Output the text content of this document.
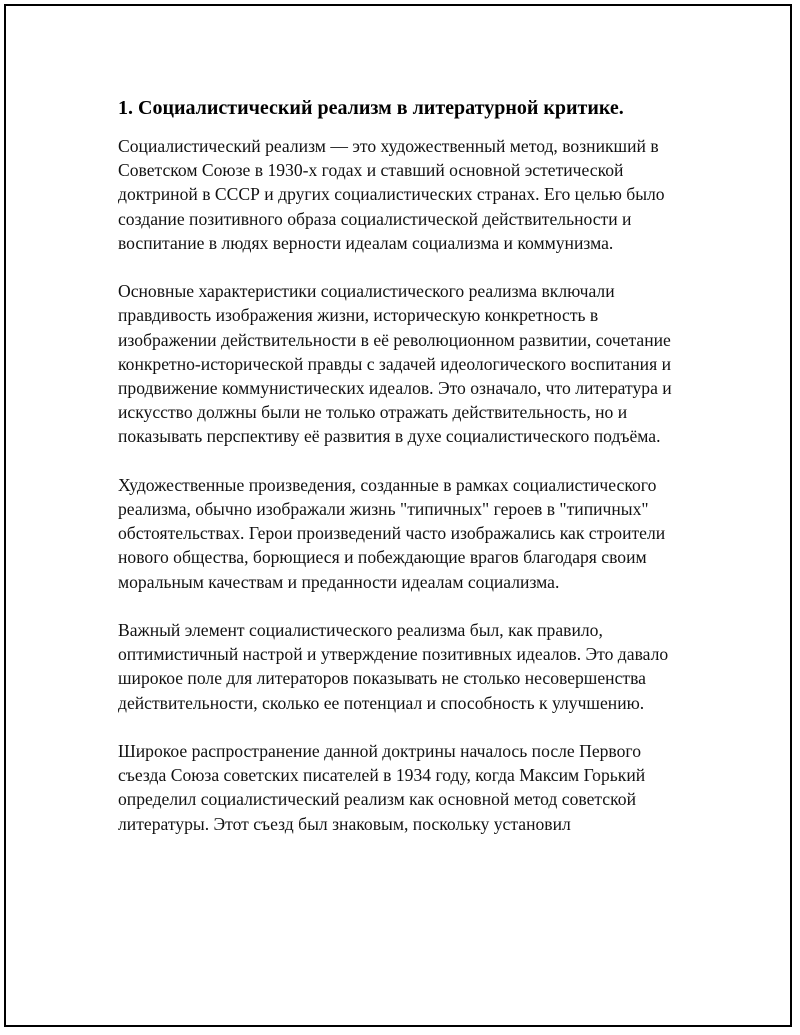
1. Социалистический реализм в литературной критике.

Социалистический реализм — это художественный метод, возникший в Советском Союзе в 1930-х годах и ставший основной эстетической доктриной в СССР и других социалистических странах. Его целью было создание позитивного образа социалистической действительности и воспитание в людях верности идеалам социализма и коммунизма.

Основные характеристики социалистического реализма включали правдивость изображения жизни, историческую конкретность в изображении действительности в её революционном развитии, сочетание конкретно-исторической правды с задачей идеологического воспитания и продвижение коммунистических идеалов. Это означало, что литература и искусство должны были не только отражать действительность, но и показывать перспективу её развития в духе социалистического подъёма.

Художественные произведения, созданные в рамках социалистического реализма, обычно изображали жизнь "типичных" героев в "типичных" обстоятельствах. Герои произведений часто изображались как строители нового общества, борющиеся и побеждающие врагов благодаря своим моральным качествам и преданности идеалам социализма.

Важный элемент социалистического реализма был, как правило, оптимистичный настрой и утверждение позитивных идеалов. Это давало широкое поле для литераторов показывать не столько несовершенства действительности, сколько ее потенциал и способность к улучшению.

Широкое распространение данной доктрины началось после Первого съезда Союза советских писателей в 1934 году, когда Максим Горький определил социалистический реализм как основной метод советской литературы. Этот съезд был знаковым, поскольку установил
